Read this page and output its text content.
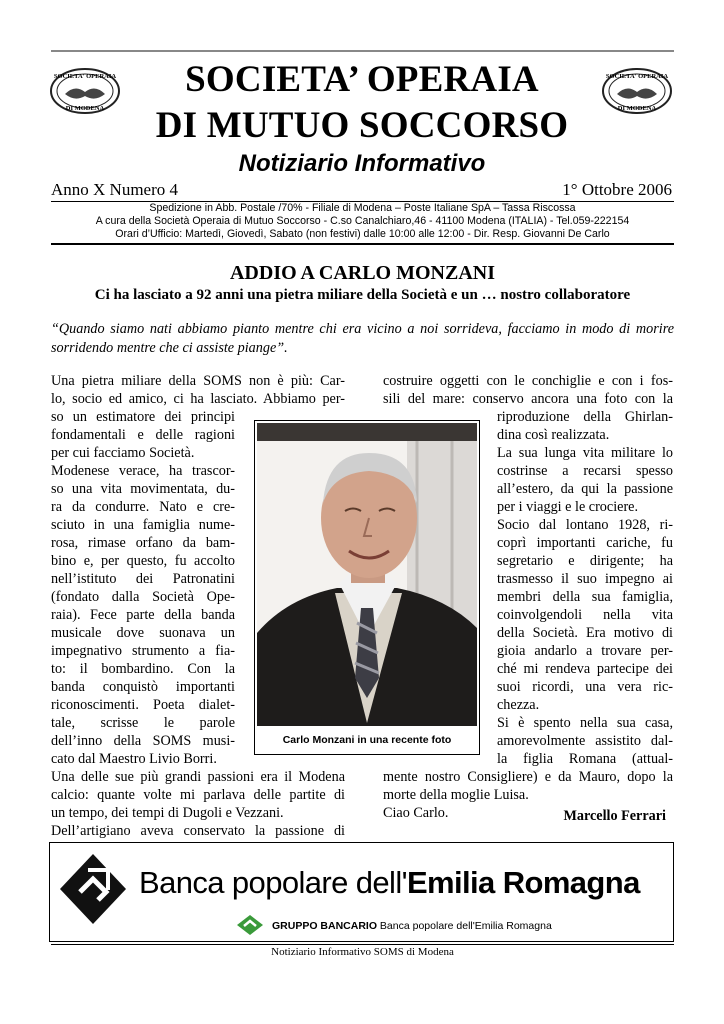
SOCIETA' OPERAIA
DI MODENA
SOCIETA' OPERAIA
DI MODENA
SOCIETA’ OPERAIA
DI MUTUO SOCCORSO
Notiziario Informativo
Anno X Numero 4	1° Ottobre 2006
Spedizione in Abb. Postale /70% - Filiale di Modena – Poste Italiane SpA – Tassa Riscossa
A cura della Società Operaia di Mutuo Soccorso - C.so Canalchiaro,46 - 41100 Modena (ITALIA) - Tel.059-222154
Orari d’Ufficio: Martedì, Giovedì, Sabato (non festivi) dalle 10:00 alle 12:00 - Dir. Resp. Giovanni De Carlo
ADDIO A CARLO MONZANI
Ci ha lasciato a 92 anni una pietra miliare della Società e un … nostro collaboratore
“Quando siamo nati abbiamo pianto mentre chi era vicino a noi sorrideva, facciamo in modo di morire
sorridendo mentre che ci assiste piange”.
Una pietra miliare della SOMS non è più: Car-
lo, socio ed amico, ci ha lasciato. Abbiamo per-
so un estimatore dei principi
fondamentali e delle ragioni
per cui facciamo Società.
Modenese verace, ha trascor-
so una vita movimentata, du-
ra da condurre. Nato e cre-
sciuto in una famiglia nume-
rosa, rimase orfano da bam-
bino e, per questo, fu accolto
nell’istituto dei Patronatini
(fondato dalla Società Ope-
raia). Fece parte della banda
musicale dove suonava un
impegnativo strumento a fia-
to: il bombardino. Con la
banda conquistò importanti
riconoscimenti. Poeta dialet-
tale, scrisse le parole
dell’inno della SOMS musi-
cato dal Maestro Livio Borri.
Una delle sue più grandi passioni era il Modena
calcio: quante volte mi parlava delle partite di
un tempo, dei tempi di Dugoli e Vezzani.
Dell’artigiano aveva conservato la passione di
costruire oggetti con le conchiglie e con i fos-
sili del mare: conservo ancora una foto con la
riproduzione della Ghirlan-
dina così realizzata.
La sua lunga vita militare lo
costrinse a recarsi spesso
all’estero, da qui la passione
per i viaggi e le crociere.
Socio dal lontano 1928, ri-
coprì importanti cariche, fu
segretario e dirigente; ha
trasmesso il suo impegno ai
membri della sua famiglia,
coinvolgendoli nella vita
della Società. Era motivo di
gioia andarlo a trovare per-
ché mi rendeva partecipe dei
suoi ricordi, una vera ric-
chezza.
Si è spento nella sua casa,
amorevolmente assistito dal-
la figlia Romana (attual-
mente nostro Consigliere) e da Mauro, dopo la
morte della moglie Luisa.
Ciao Carlo.
Carlo Monzani in una recente foto
Marcello Ferrari
Banca popolare dell'Emilia Romagna
GRUPPO BANCARIO Banca popolare dell'Emilia Romagna
Notiziario Informativo SOMS di Modena
